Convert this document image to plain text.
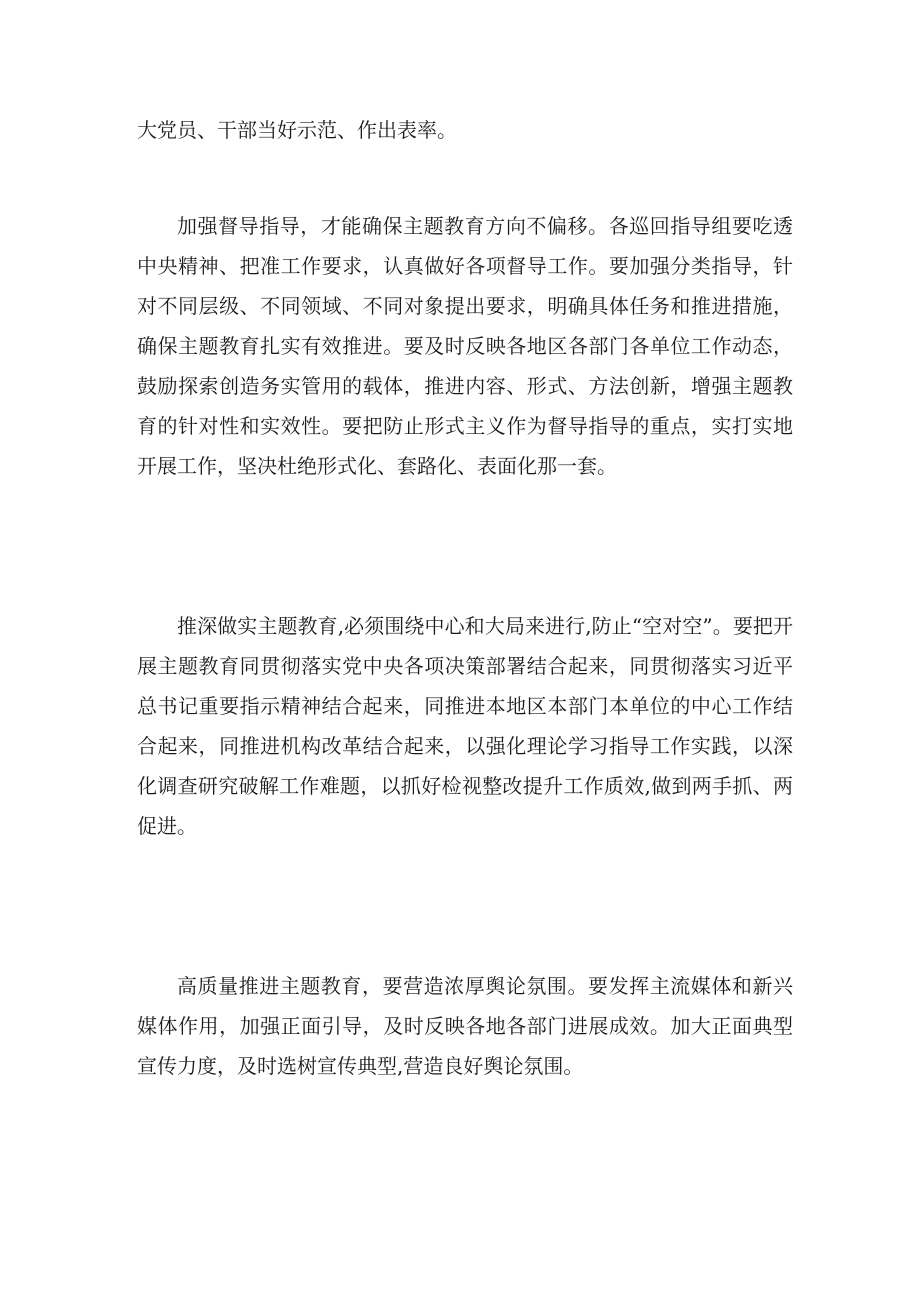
大党员、干部当好示范、作出表率。

加强督导指导，才能确保主题教育方向不偏移。各巡回指导组要吃透中央精神、把准工作要求，认真做好各项督导工作。要加强分类指导，针对不同层级、不同领域、不同对象提出要求，明确具体任务和推进措施，确保主题教育扎实有效推进。要及时反映各地区各部门各单位工作动态，鼓励探索创造务实管用的载体，推进内容、形式、方法创新，增强主题教育的针对性和实效性。要把防止形式主义作为督导指导的重点，实打实地开展工作，坚决杜绝形式化、套路化、表面化那一套。

推深做实主题教育,必须围绕中心和大局来进行,防止“空对空”。要把开展主题教育同贯彻落实党中央各项决策部署结合起来，同贯彻落实习近平总书记重要指示精神结合起来，同推进本地区本部门本单位的中心工作结合起来，同推进机构改革结合起来，以强化理论学习指导工作实践，以深化调查研究破解工作难题，以抓好检视整改提升工作质效,做到两手抓、两促进。

高质量推进主题教育，要营造浓厚舆论氛围。要发挥主流媒体和新兴媒体作用，加强正面引导，及时反映各地各部门进展成效。加大正面典型宣传力度，及时选树宣传典型,营造良好舆论氛围。
